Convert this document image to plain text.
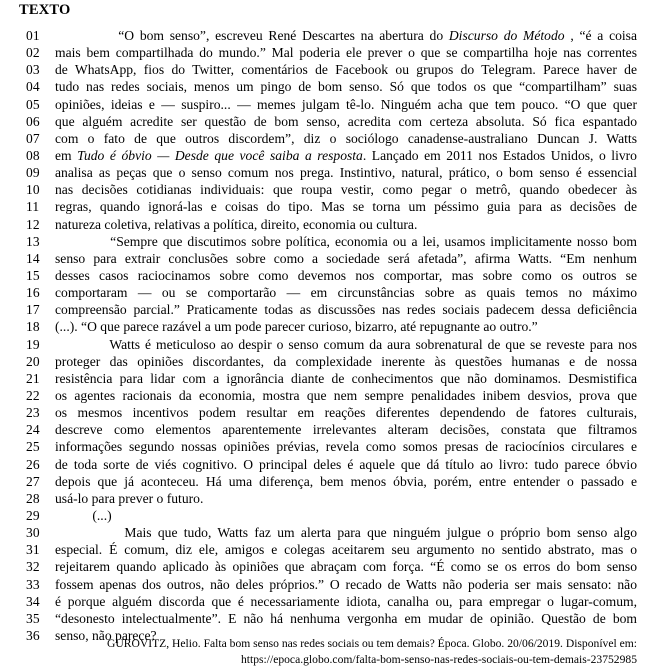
TEXTO
01	“O bom senso”, escreveu René Descartes na abertura do Discurso do Método , “é a coisa
02	mais bem compartilhada do mundo.” Mal poderia ele prever o que se compartilha hoje nas correntes
03	de WhatsApp, fios do Twitter, comentários de Facebook ou grupos do Telegram. Parece haver de
04	tudo nas redes sociais, menos um pingo de bom senso. Só que todos os que “compartilham” suas
05	opiniões, ideias e — suspiro... — memes julgam tê-lo. Ninguém acha que tem pouco. “O que quer
06	que alguém acredite ser questão de bom senso, acredita com certeza absoluta. Só fica espantado
07	com o fato de que outros discordem”, diz o sociólogo canadense-australiano Duncan J. Watts
08	em Tudo é óbvio — Desde que você saiba a resposta. Lançado em 2011 nos Estados Unidos, o livro
09	analisa as peças que o senso comum nos prega. Instintivo, natural, prático, o bom senso é essencial
10	nas decisões cotidianas individuais: que roupa vestir, como pegar o metrô, quando obedecer às
11	regras, quando ignorá-las e coisas do tipo. Mas se torna um péssimo guia para as decisões de
12	natureza coletiva, relativas a política, direito, economia ou cultura.
13	“Sempre que discutimos sobre política, economia ou a lei, usamos implicitamente nosso bom
14	senso para extrair conclusões sobre como a sociedade será afetada”, afirma Watts. “Em nenhum
15	desses casos raciocinamos sobre como devemos nos comportar, mas sobre como os outros se
16	comportaram — ou se comportarão — em circunstâncias sobre as quais temos no máximo
17	compreensão parcial.” Praticamente todas as discussões nas redes sociais padecem dessa deficiência
18	(...). “O que parece razável a um pode parecer curioso, bizarro, até repugnante ao outro.”
19	Watts é meticuloso ao despir o senso comum da aura sobrenatural de que se reveste para nos
20	proteger das opiniões discordantes, da complexidade inerente às questões humanas e de nossa
21	resistência para lidar com a ignorância diante de conhecimentos que não dominamos. Desmistifica
22	os agentes racionais da economia, mostra que nem sempre penalidades inibem desvios, prova que
23	os mesmos incentivos podem resultar em reações diferentes dependendo de fatores culturais,
24	descreve como elementos aparentemente irrelevantes alteram decisões, constata que filtramos
25	informações segundo nossas opiniões prévias, revela como somos presas de raciocínios circulares e
26	de toda sorte de viés cognitivo. O principal deles é aquele que dá título ao livro: tudo parece óbvio
27	depois que já aconteceu. Há uma diferença, bem menos óbvia, porém, entre entender o passado e
28	usá-lo para prever o futuro.
29	(...)
30	Mais que tudo, Watts faz um alerta para que ninguém julgue o próprio bom senso algo
31	especial. É comum, diz ele, amigos e colegas aceitarem seu argumento no sentido abstrato, mas o
32	rejeitarem quando aplicado às opiniões que abraçam com força. “É como se os erros do bom senso
33	fossem apenas dos outros, não deles próprios.” O recado de Watts não poderia ser mais sensato: não
34	é porque alguém discorda que é necessariamente idiota, canalha ou, para empregar o lugar-comum,
35	“desonesto intelectualmente”. E não há nenhuma vergonha em mudar de opinião. Questão de bom
36	senso, não parece?
GUROVITZ, Helio. Falta bom senso nas redes sociais ou tem demais? Época. Globo. 20/06/2019. Disponível em:
https://epoca.globo.com/falta-bom-senso-nas-redes-sociais-ou-tem-demais-23752985
